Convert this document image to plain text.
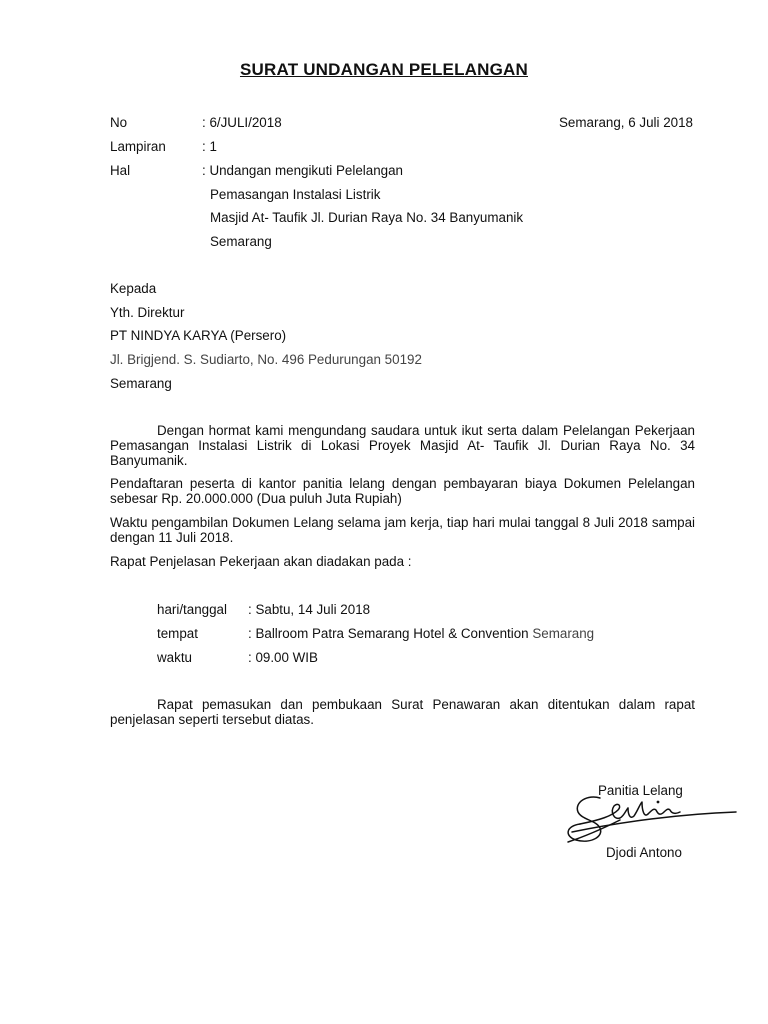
SURAT UNDANGAN PELELANGAN
No	: 6/JULI/2018	Semarang, 6 Juli 2018
Lampiran	: 1
Hal	: Undangan mengikuti Pelelangan
Pemasangan Instalasi Listrik
Masjid At- Taufik Jl. Durian Raya No. 34 Banyumanik
Semarang
Kepada
Yth. Direktur
PT NINDYA KARYA (Persero)
Jl. Brigjend. S. Sudiarto, No. 496 Pedurungan 50192
Semarang
Dengan hormat kami mengundang saudara untuk ikut serta dalam Pelelangan Pekerjaan Pemasangan Instalasi Listrik di Lokasi Proyek Masjid At- Taufik Jl. Durian Raya No. 34 Banyumanik.
Pendaftaran peserta di kantor panitia lelang dengan pembayaran biaya Dokumen Pelelangan sebesar Rp. 20.000.000 (Dua puluh Juta Rupiah)
Waktu pengambilan Dokumen Lelang selama jam kerja, tiap hari mulai tanggal 8 Juli 2018 sampai dengan 11 Juli 2018.
Rapat Penjelasan Pekerjaan akan diadakan pada :
hari/tanggal : Sabtu, 14 Juli 2018
tempat	: Ballroom Patra Semarang Hotel & Convention Semarang
waktu	: 09.00 WIB
Rapat pemasukan dan pembukaan Surat Penawaran akan ditentukan dalam rapat penjelasan seperti tersebut diatas.
Panitia Lelang
Djodi Antono
